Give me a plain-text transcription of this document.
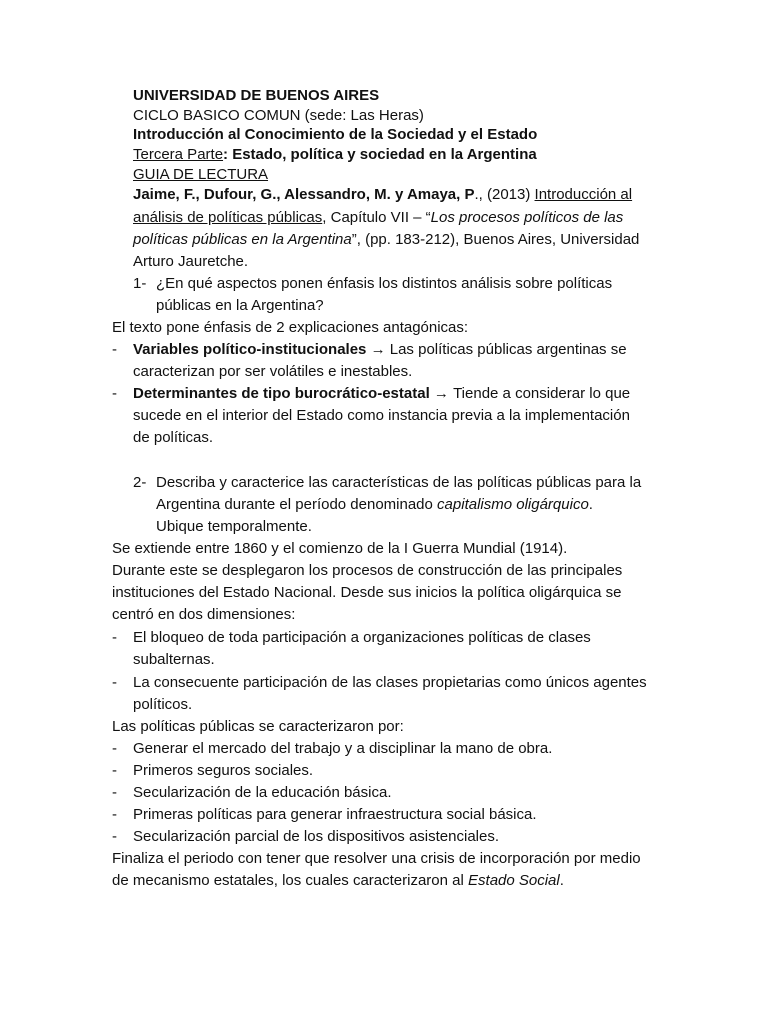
UNIVERSIDAD DE BUENOS AIRES
CICLO BASICO COMUN (sede: Las Heras)
Introducción al Conocimiento de la Sociedad y el Estado
Tercera Parte: Estado, política y sociedad en la Argentina
GUIA DE LECTURA
Jaime, F., Dufour, G., Alessandro, M. y Amaya, P., (2013) Introducción al
análisis de políticas públicas, Capítulo VII – “Los procesos políticos de las
políticas públicas en la Argentina”, (pp. 183-212), Buenos Aires, Universidad
Arturo Jauretche.
1- ¿En qué aspectos ponen énfasis los distintos análisis sobre políticas
públicas en la Argentina?
El texto pone énfasis de 2 explicaciones antagónicas:
- Variables político-institucionales → Las políticas públicas argentinas se
caracterizan por ser volátiles e inestables.
- Determinantes de tipo burocrático-estatal → Tiende a considerar lo que
sucede en el interior del Estado como instancia previa a la implementación
de políticas.
2- Describa y caracterice las características de las políticas públicas para la
Argentina durante el período denominado capitalismo oligárquico.
Ubique temporalmente.
Se extiende entre 1860 y el comienzo de la I Guerra Mundial (1914).
Durante este se desplegaron los procesos de construcción de las principales
instituciones del Estado Nacional. Desde sus inicios la política oligárquica se
centró en dos dimensiones:
- El bloqueo de toda participación a organizaciones políticas de clases
subalternas.
- La consecuente participación de las clases propietarias como únicos agentes
políticos.
Las políticas públicas se caracterizaron por:
- Generar el mercado del trabajo y a disciplinar la mano de obra.
- Primeros seguros sociales.
- Secularización de la educación básica.
- Primeras políticas para generar infraestructura social básica.
- Secularización parcial de los dispositivos asistenciales.
Finaliza el periodo con tener que resolver una crisis de incorporación por medio
de mecanismo estatales, los cuales caracterizaron al Estado Social.
